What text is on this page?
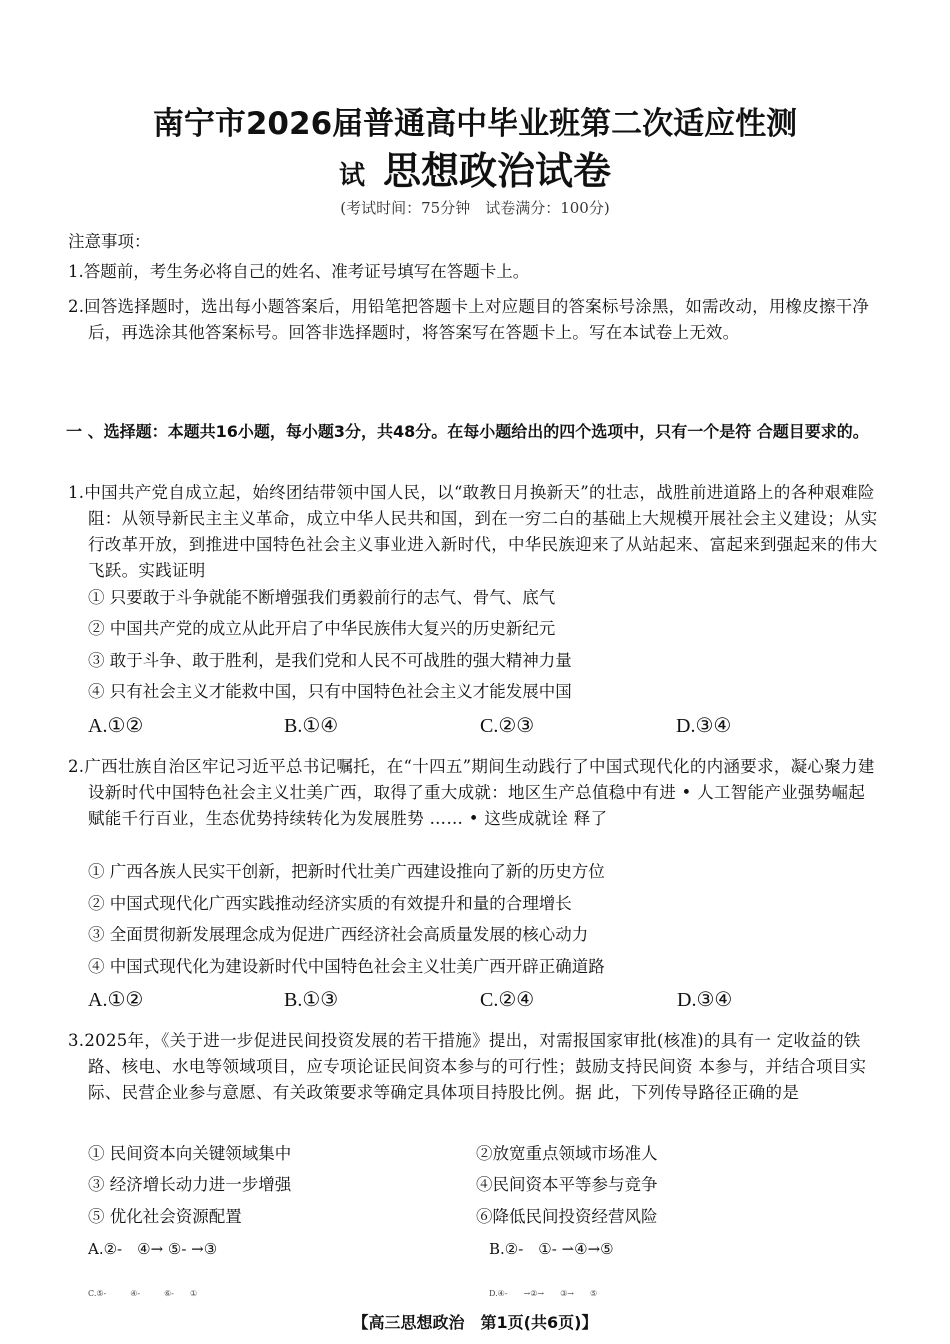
南宁市2026届普通高中毕业班第二次适应性测
试 思想政治试卷
(考试时间：75分钟　试卷满分：100分)
注意事项：
1.答题前，考生务必将自己的姓名、准考证号填写在答题卡上。
2.回答选择题时，选出每小题答案后，用铅笔把答题卡上对应题目的答案标号涂黑，如需改动，用橡皮擦干净后，再选涂其他答案标号。回答非选择题时，将答案写在答题卡上。写在本试卷上无效。
一 、选择题：本题共16小题，每小题3分，共48分。在每小题给出的四个选项中，只有一个是符 合题目要求的。
1.中国共产党自成立起，始终团结带领中国人民，以“敢教日月换新天”的壮志，战胜前进道路上的各种艰难险阻：从领导新民主主义革命，成立中华人民共和国，到在一穷二白的基础上大规模开展社会主义建设；从实行改革开放，到推进中国特色社会主义事业进入新时代，中华民族迎来了从站起来、富起来到强起来的伟大飞跃。实践证明
① 只要敢于斗争就能不断增强我们勇毅前行的志气、骨气、底气
② 中国共产党的成立从此开启了中华民族伟大复兴的历史新纪元
③ 敢于斗争、敢于胜利，是我们党和人民不可战胜的强大精神力量
④ 只有社会主义才能救中国，只有中国特色社会主义才能发展中国
A.①②	B.①④	C.②③	D.③④
2.广西壮族自治区牢记习近平总书记嘱托，在“十四五”期间生动践行了中国式现代化的内涵要求，凝心聚力建设新时代中国特色社会主义壮美广西，取得了重大成就：地区生产总值稳中有进 • 人工智能产业强势崛起赋能千行百业，生态优势持续转化为发展胜势 …… • 这些成就诠 释了
① 广西各族人民实干创新，把新时代壮美广西建设推向了新的历史方位
② 中国式现代化广西实践推动经济实质的有效提升和量的合理增长
③ 全面贯彻新发展理念成为促进广西经济社会高质量发展的核心动力
④ 中国式现代化为建设新时代中国特色社会主义壮美广西开辟正确道路
A.①②	B.①③	C.②④	D.③④
3.2025年，《关于进一步促进民间投资发展的若干措施》提出，对需报国家审批(核准)的具有一 定收益的铁路、核电、水电等领域项目，应专项论证民间资本参与的可行性；鼓励支持民间资 本参与，并结合项目实际、民营企业参与意愿、有关政策要求等确定具体项目持股比例。据 此，下列传导路径正确的是
① 民间资本向关键领域集中	②放宽重点领域市场准人
③ 经济增长动力进一步增强	④民间资本平等参与竞争
⑤ 优化社会资源配置	⑥降低民间投资经营风险
A.②-　④→ ⑤- →③	B.②-　①- ⇀④→⑤
C.⑤-　　　④-　　　⑥-　　①	D.④-　　→②→　　③→　　⑤
【高三思想政治　第1页(共6页)】
